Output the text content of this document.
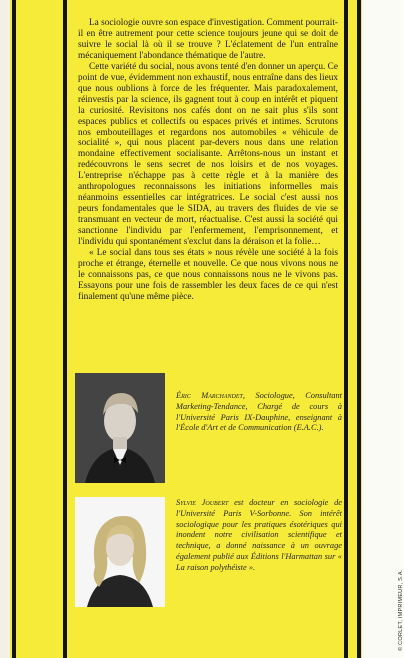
La sociologie ouvre son espace d'investigation. Comment pourrait-il en être autrement pour cette science toujours jeune qui se doit de suivre le social là où il se trouve ? L'éclatement de l'un entraîne mécaniquement l'abondance thématique de l'autre.

Cette variété du social, nous avons tenté d'en donner un aperçu. Ce point de vue, évidemment non exhaustif, nous entraîne dans des lieux que nous oublions à force de les fréquenter. Mais paradoxalement, réinvestis par la science, ils gagnent tout à coup en intérêt et piquent la curiosité. Revisitons nos cafés dont on ne sait plus s'ils sont espaces publics et collectifs ou espaces privés et intimes. Scrutons nos embouteillages et regardons nos automobiles « véhicule de socialité », qui nous placent par-devers nous dans une relation mondaine effectivement socialisante. Arrêtons-nous un instant et redécouvrons le sens secret de nos loisirs et de nos voyages. L'entreprise n'échappe pas à cette règle et à la manière des anthropologues reconnaissons les initiations informelles mais néanmoins essentielles car intégratrices. Le social c'est aussi nos peurs fondamentales que le SIDA, au travers des fluides de vie se transmuant en vecteur de mort, réactualise. C'est aussi la société qui sanctionne l'individu par l'enfermement, l'emprisonnement, et l'individu qui spontanément s'exclut dans la déraison et la folie…

« Le social dans tous ses états » nous révèle une société à la fois proche et étrange, éternelle et nouvelle. Ce que nous vivons nous ne le connaissons pas, ce que nous connaissons nous ne le vivons pas. Essayons pour une fois de rassembler les deux faces de ce qui n'est finalement qu'une même pièce.

Éric Marchandet, Sociologue, Consultant Marketing-Tendance, Chargé de cours à l'Université Paris IX-Dauphine, enseignant à l'École d'Art et de Communication (E.A.C.).
Sylvie Joubert est docteur en sociologie de l'Université Paris V-Sorbonne. Son intérêt sociologique pour les pratiques ésotériques qui inondent notre civilisation scientifique et technique, a donné naissance à un ouvrage également publié aux Éditions l'Harmattan sur « La raison polythéiste ».
© CORLET, IMPRIMEUR, S.A.
